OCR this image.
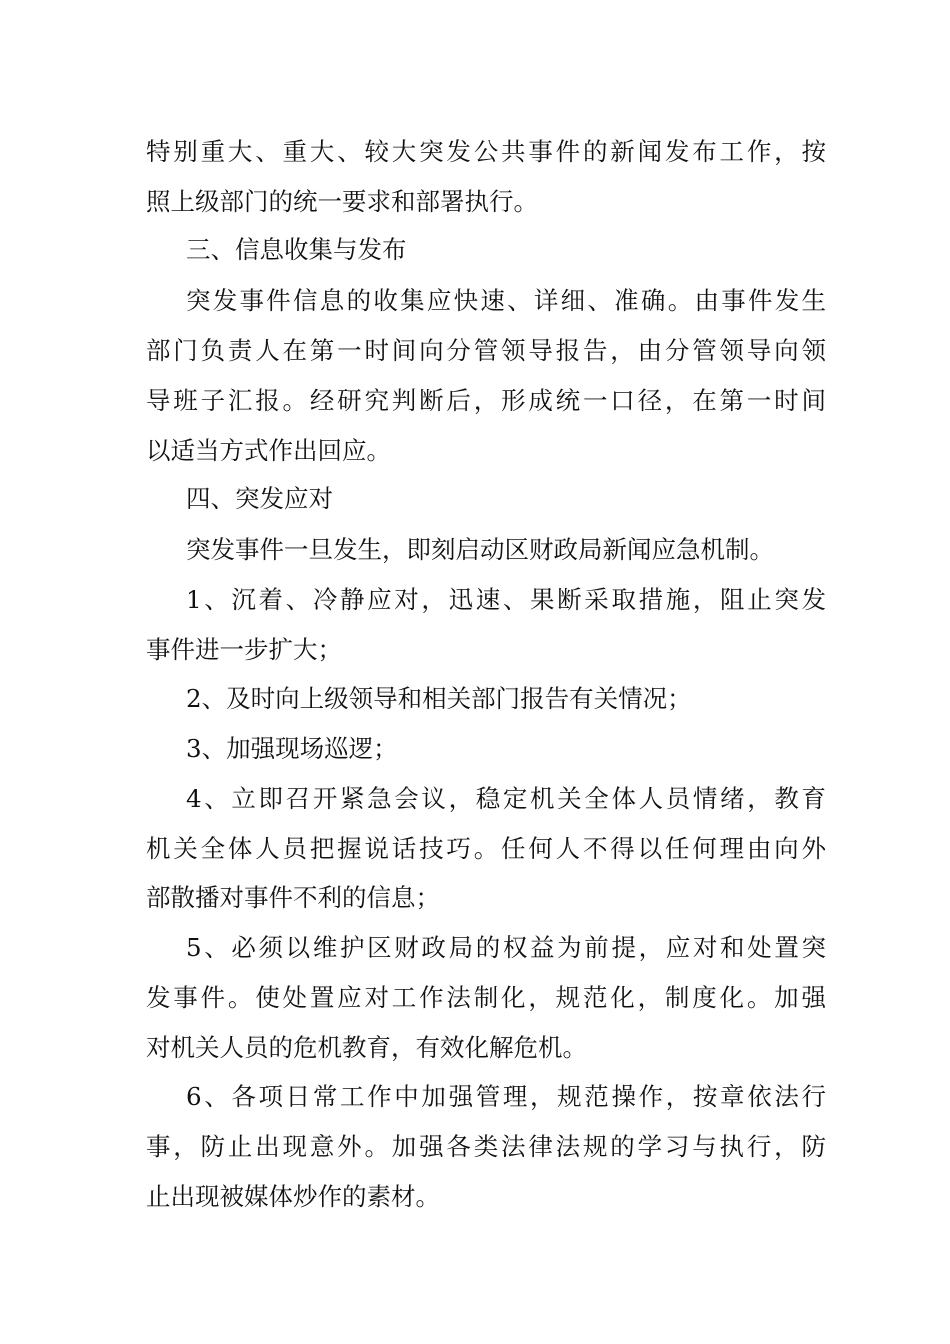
特别重大、重大、较大突发公共事件的新闻发布工作，按

照上级部门的统一要求和部署执行。

三、信息收集与发布

突发事件信息的收集应快速、详细、准确。由事件发生

部门负责人在第一时间向分管领导报告，由分管领导向领

导班子汇报。经研究判断后，形成统一口径，在第一时间

以适当方式作出回应。

四、突发应对

突发事件一旦发生，即刻启动区财政局新闻应急机制。

1、沉着、冷静应对，迅速、果断采取措施，阻止突发

事件进一步扩大；

2、及时向上级领导和相关部门报告有关情况；

3、加强现场巡逻；

4、立即召开紧急会议，稳定机关全体人员情绪，教育

机关全体人员把握说话技巧。任何人不得以任何理由向外

部散播对事件不利的信息；

5、必须以维护区财政局的权益为前提，应对和处置突

发事件。使处置应对工作法制化，规范化，制度化。加强

对机关人员的危机教育，有效化解危机。

6、各项日常工作中加强管理，规范操作，按章依法行

事，防止出现意外。加强各类法律法规的学习与执行，防

止出现被媒体炒作的素材。
